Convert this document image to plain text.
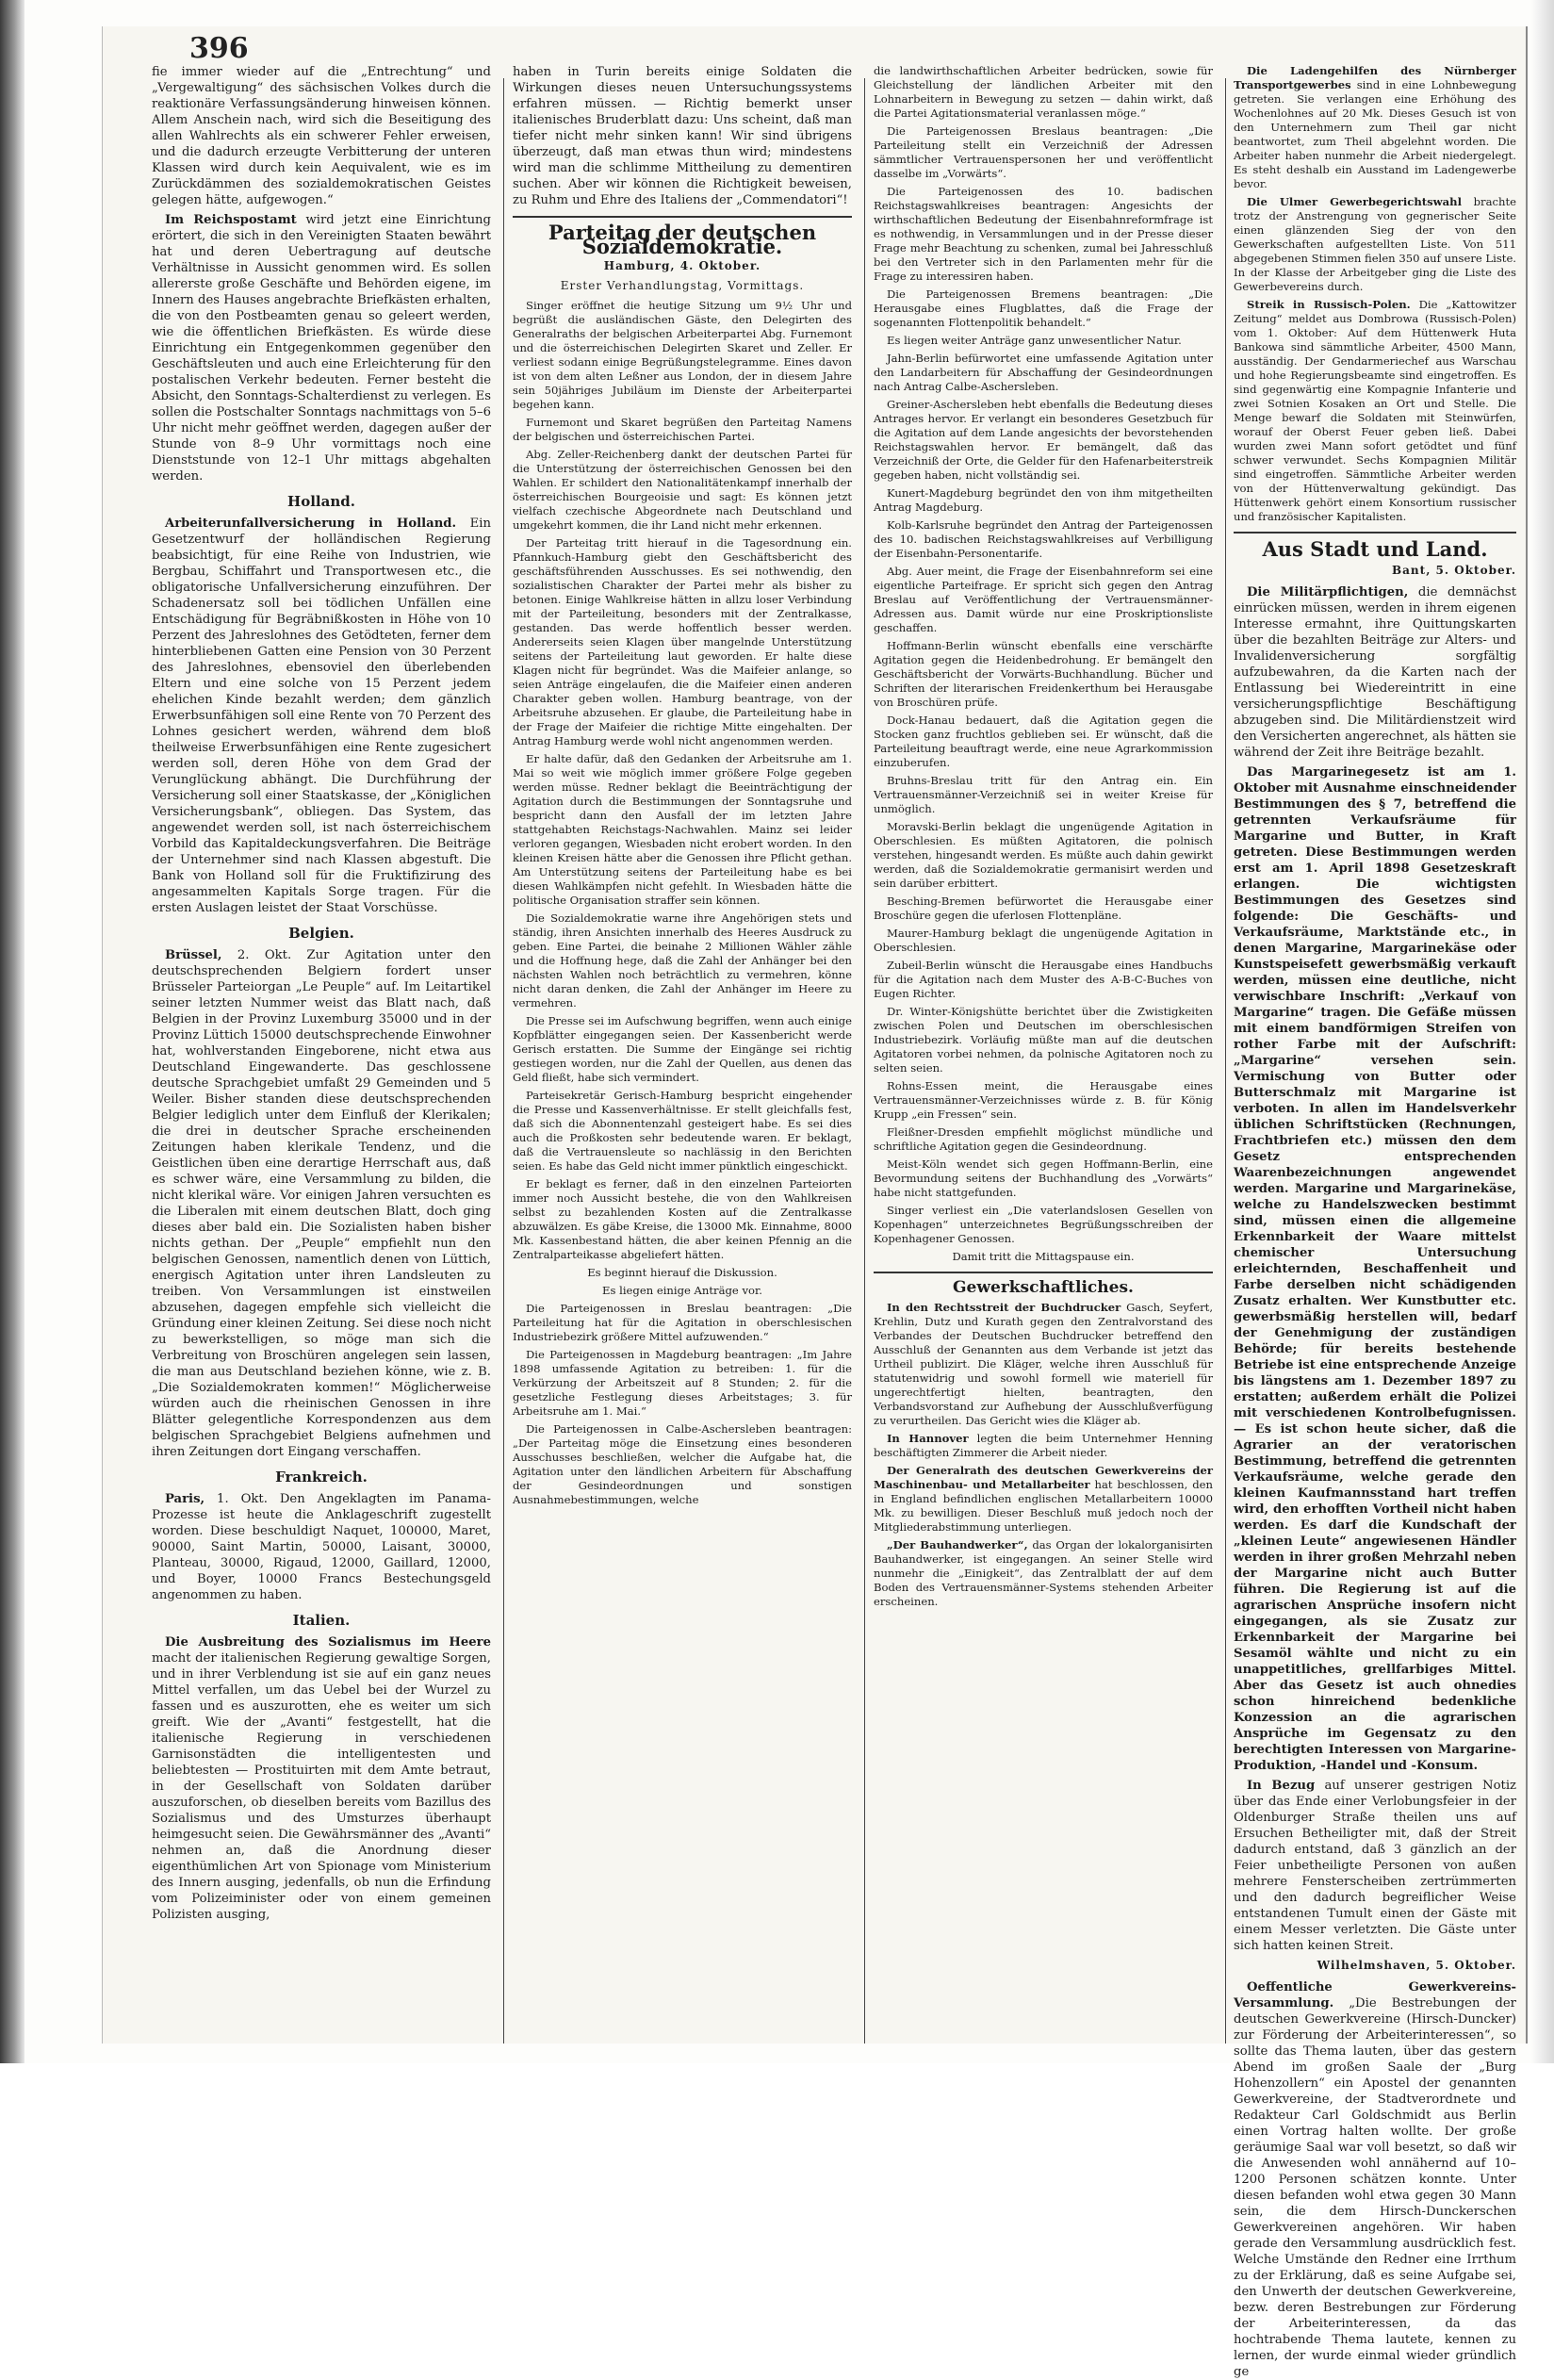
396

fie immer wieder auf die „Entrechtung“ und „Vergewaltigung“ des sächsischen Volkes durch die reaktionäre Verfassungsänderung hinweisen können. Allem Anschein nach, wird sich die Beseitigung des allen Wahlrechts als ein schwerer Fehler erweisen, und die dadurch erzeugte Verbitterung der unteren Klassen wird durch kein Aequivalent, wie es im Zurückdämmen des sozialdemokratischen Geistes gelegen hätte, aufgewogen.“

Im Reichspostamt wird jetzt eine Einrichtung erörtert, die sich in den Vereinigten Staaten bewährt hat und deren Uebertragung auf deutsche Verhältnisse in Aussicht genommen wird. Es sollen allererste große Geschäfte und Behörden eigene, im Innern des Hauses angebrachte Briefkästen erhalten, die von den Postbeamten genau so geleert werden, wie die öffentlichen Briefkästen. Es würde diese Einrichtung ein Entgegenkommen gegenüber den Geschäftsleuten und auch eine Erleichterung für den postalischen Verkehr bedeuten. Ferner besteht die Absicht, den Sonntags-Schalterdienst zu verlegen. Es sollen die Postschalter Sonntags nachmittags von 5–6 Uhr nicht mehr geöffnet werden, dagegen außer der Stunde von 8–9 Uhr vormittags noch eine Dienststunde von 12–1 Uhr mittags abgehalten werden.

Holland.

Arbeiterunfallversicherung in Holland. Ein Gesetzentwurf der holländischen Regierung beabsichtigt, für eine Reihe von Industrien, wie Bergbau, Schiffahrt und Transportwesen etc., die obligatorische Unfallversicherung einzuführen. Der Schadenersatz soll bei tödlichen Unfällen eine Entschädigung für Begräbnißkosten in Höhe von 10 Perzent des Jahreslohnes des Getödteten, ferner dem hinterbliebenen Gatten eine Pension von 30 Perzent des Jahreslohnes, ebensoviel den überlebenden Eltern und eine solche von 15 Perzent jedem ehelichen Kinde bezahlt werden; dem gänzlich Erwerbsunfähigen soll eine Rente von 70 Perzent des Lohnes gesichert werden, während dem bloß theilweise Erwerbsunfähigen eine Rente zugesichert werden soll, deren Höhe von dem Grad der Verunglückung abhängt. Die Durchführung der Versicherung soll einer Staatskasse, der „Königlichen Versicherungsbank“, obliegen. Das System, das angewendet werden soll, ist nach österreichischem Vorbild das Kapitaldeckungsverfahren. Die Beiträge der Unternehmer sind nach Klassen abgestuft. Die Bank von Holland soll für die Fruktifizirung des angesammelten Kapitals Sorge tragen. Für die ersten Auslagen leistet der Staat Vorschüsse.

Belgien.

Brüssel, 2. Okt. Zur Agitation unter den deutschsprechenden Belgiern fordert unser Brüsseler Parteiorgan „Le Peuple“ auf. Im Leitartikel seiner letzten Nummer weist das Blatt nach, daß Belgien in der Provinz Luxemburg 35000 und in der Provinz Lüttich 15000 deutschsprechende Einwohner hat, wohlverstanden Eingeborene, nicht etwa aus Deutschland Eingewanderte. Das geschlossene deutsche Sprachgebiet umfaßt 29 Gemeinden und 5 Weiler. Bisher standen diese deutschsprechenden Belgier lediglich unter dem Einfluß der Klerikalen; die drei in deutscher Sprache erscheinenden Zeitungen haben klerikale Tendenz, und die Geistlichen üben eine derartige Herrschaft aus, daß es schwer wäre, eine Versammlung zu bilden, die nicht klerikal wäre. Vor einigen Jahren versuchten es die Liberalen mit einem deutschen Blatt, doch ging dieses aber bald ein. Die Sozialisten haben bisher nichts gethan. Der „Peuple“ empfiehlt nun den belgischen Genossen, namentlich denen von Lüttich, energisch Agitation unter ihren Landsleuten zu treiben. Von Versammlungen ist einstweilen abzusehen, dagegen empfehle sich vielleicht die Gründung einer kleinen Zeitung. Sei diese noch nicht zu bewerkstelligen, so möge man sich die Verbreitung von Broschüren angelegen sein lassen, die man aus Deutschland beziehen könne, wie z. B. „Die Sozialdemokraten kommen!“ Möglicherweise würden auch die rheinischen Genossen in ihre Blätter gelegentliche Korrespondenzen aus dem belgischen Sprachgebiet Belgiens aufnehmen und ihren Zeitungen dort Eingang verschaffen.

Frankreich.

Paris, 1. Okt. Den Angeklagten im Panama-Prozesse ist heute die Anklageschrift zugestellt worden. Diese beschuldigt Naquet, 100000, Maret, 90000, Saint Martin, 50000, Laisant, 30000, Planteau, 30000, Rigaud, 12000, Gaillard, 12000, und Boyer, 10000 Francs Bestechungsgeld angenommen zu haben.

Italien.

Die Ausbreitung des Sozialismus im Heere macht der italienischen Regierung gewaltige Sorgen, und in ihrer Verblendung ist sie auf ein ganz neues Mittel verfallen, um das Uebel bei der Wurzel zu fassen und es auszurotten, ehe es weiter um sich greift. Wie der „Avanti“ festgestellt, hat die italienische Regierung in verschiedenen Garnisonstädten die intelligentesten und beliebtesten — Prostituirten mit dem Amte betraut, in der Gesellschaft von Soldaten darüber auszuforschen, ob dieselben bereits vom Bazillus des Sozialismus und des Umsturzes überhaupt heimgesucht seien. Die Gewährsmänner des „Avanti“ nehmen an, daß die Anordnung dieser eigenthümlichen Art von Spionage vom Ministerium des Innern ausging, jedenfalls, ob nun die Erfindung vom Polizeiminister oder von einem gemeinen Polizisten ausging,

haben in Turin bereits einige Soldaten die Wirkungen dieses neuen Untersuchungssystems erfahren müssen. — Richtig bemerkt unser italienisches Bruderblatt dazu: Uns scheint, daß man tiefer nicht mehr sinken kann! Wir sind übrigens überzeugt, daß man etwas thun wird; mindestens wird man die schlimme Mittheilung zu dementiren suchen. Aber wir können die Richtigkeit beweisen, zu Ruhm und Ehre des Italiens der „Commendatori“!

Parteitag der deutschen Sozialdemokratie.
Hamburg, 4. Oktober.
Erster Verhandlungstag, Vormittags.

Singer eröffnet die heutige Sitzung um 9½ Uhr und begrüßt die ausländischen Gäste, den Delegirten des Generalraths der belgischen Arbeiterpartei Abg. Furnemont und die österreichischen Delegirten Skaret und Zeller. Er verliest sodann einige Begrüßungstelegramme. Eines davon ist von dem alten Leßner aus London, der in diesem Jahre sein 50jähriges Jubiläum im Dienste der Arbeiterpartei begehen kann.

Furnemont und Skaret begrüßen den Parteitag Namens der belgischen und österreichischen Partei.

Abg. Zeller-Reichenberg dankt der deutschen Partei für die Unterstützung der österreichischen Genossen bei den Wahlen. Er schildert den Nationalitätenkampf innerhalb der österreichischen Bourgeoisie und sagt: Es können jetzt vielfach czechische Abgeordnete nach Deutschland und umgekehrt kommen, die ihr Land nicht mehr erkennen.

Der Parteitag tritt hierauf in die Tagesordnung ein. Pfannkuch-Hamburg giebt den Geschäftsbericht des geschäftsführenden Ausschusses. Es sei nothwendig, den sozialistischen Charakter der Partei mehr als bisher zu betonen. Einige Wahlkreise hätten in allzu loser Verbindung mit der Parteileitung, besonders mit der Zentralkasse, gestanden. Das werde hoffentlich besser werden. Andererseits seien Klagen über mangelnde Unterstützung seitens der Parteileitung laut geworden. Er halte diese Klagen nicht für begründet. Was die Maifeier anlange, so seien Anträge eingelaufen, die die Maifeier einen anderen Charakter geben wollen. Hamburg beantrage, von der Arbeitsruhe abzusehen. Er glaube, die Parteileitung habe in der Frage der Maifeier die richtige Mitte eingehalten. Der Antrag Hamburg werde wohl nicht angenommen werden.

Er halte dafür, daß den Gedanken der Arbeitsruhe am 1. Mai so weit wie möglich immer größere Folge gegeben werden müsse. Redner beklagt die Beeinträchtigung der Agitation durch die Bestimmungen der Sonntagsruhe und bespricht dann den Ausfall der im letzten Jahre stattgehabten Reichstags-Nachwahlen. Mainz sei leider verloren gegangen, Wiesbaden nicht erobert worden. In den kleinen Kreisen hätte aber die Genossen ihre Pflicht gethan. Am Unterstützung seitens der Parteileitung habe es bei diesen Wahlkämpfen nicht gefehlt. In Wiesbaden hätte die politische Organisation straffer sein können.

Die Sozialdemokratie warne ihre Angehörigen stets und ständig, ihren Ansichten innerhalb des Heeres Ausdruck zu geben. Eine Partei, die beinahe 2 Millionen Wähler zähle und die Hoffnung hege, daß die Zahl der Anhänger bei den nächsten Wahlen noch beträchtlich zu vermehren, könne nicht daran denken, die Zahl der Anhänger im Heere zu vermehren.

Die Presse sei im Aufschwung begriffen, wenn auch einige Kopfblätter eingegangen seien. Der Kassenbericht werde Gerisch erstatten. Die Summe der Eingänge sei richtig gestiegen worden, nur die Zahl der Quellen, aus denen das Geld fließt, habe sich vermindert.

Parteisekretär Gerisch-Hamburg bespricht eingehender die Presse und Kassenverhältnisse. Er stellt gleichfalls fest, daß sich die Abonnentenzahl gesteigert habe. Es sei dies auch die Proßkosten sehr bedeutende waren. Er beklagt, daß die Vertrauensleute so nachlässig in den Berichten seien. Es habe das Geld nicht immer pünktlich eingeschickt.

Er beklagt es ferner, daß in den einzelnen Parteiorten immer noch Aussicht bestehe, die von den Wahlkreisen selbst zu bezahlenden Kosten auf die Zentralkasse abzuwälzen. Es gäbe Kreise, die 13000 Mk. Einnahme, 8000 Mk. Kassenbestand hätten, die aber keinen Pfennig an die Zentralparteikasse abgeliefert hätten.

Es beginnt hierauf die Diskussion.

Es liegen einige Anträge vor.

Die Parteigenossen in Breslau beantragen: „Die Parteileitung hat für die Agitation in oberschlesischen Industriebezirk größere Mittel aufzuwenden.“

Die Parteigenossen in Magdeburg beantragen: „Im Jahre 1898 umfassende Agitation zu betreiben: 1. für die Verkürzung der Arbeitszeit auf 8 Stunden; 2. für die gesetzliche Festlegung dieses Arbeitstages; 3. für Arbeitsruhe am 1. Mai.“

Die Parteigenossen in Calbe-Aschersleben beantragen: „Der Parteitag möge die Einsetzung eines besonderen Ausschusses beschließen, welcher die Aufgabe hat, die Agitation unter den ländlichen Arbeitern für Abschaffung der Gesindeordnungen und sonstigen Ausnahmebestimmungen, welche

die landwirthschaftlichen Arbeiter bedrücken, sowie für Gleichstellung der ländlichen Arbeiter mit den Lohnarbeitern in Bewegung zu setzen — dahin wirkt, daß die Partei Agitationsmaterial veranlassen möge.“

Die Parteigenossen Breslaus beantragen: „Die Parteileitung stellt ein Verzeichniß der Adressen sämmtlicher Vertrauenspersonen her und veröffentlicht dasselbe im „Vorwärts“.

Die Parteigenossen des 10. badischen Reichstagswahlkreises beantragen: Angesichts der wirthschaftlichen Bedeutung der Eisenbahnreformfrage ist es nothwendig, in Versammlungen und in der Presse dieser Frage mehr Beachtung zu schenken, zumal bei Jahresschluß bei den Vertreter sich in den Parlamenten mehr für die Frage zu interessiren haben.

Die Parteigenossen Bremens beantragen: „Die Herausgabe eines Flugblattes, daß die Frage der sogenannten Flottenpolitik behandelt.“

Es liegen weiter Anträge ganz unwesentlicher Natur.

Jahn-Berlin befürwortet eine umfassende Agitation unter den Landarbeitern für Abschaffung der Gesindeordnungen nach Antrag Calbe-Aschersleben.

Greiner-Aschersleben hebt ebenfalls die Bedeutung dieses Antrages hervor. Er verlangt ein besonderes Gesetzbuch für die Agitation auf dem Lande angesichts der bevorstehenden Reichstagswahlen hervor. Er bemängelt, daß das Verzeichniß der Orte, die Gelder für den Hafenarbeiterstreik gegeben haben, nicht vollständig sei.

Kunert-Magdeburg begründet den von ihm mitgetheilten Antrag Magdeburg.

Kolb-Karlsruhe begründet den Antrag der Parteigenossen des 10. badischen Reichstagswahlkreises auf Verbilligung der Eisenbahn-Personentarife.

Abg. Auer meint, die Frage der Eisenbahnreform sei eine eigentliche Parteifrage. Er spricht sich gegen den Antrag Breslau auf Veröffentlichung der Vertrauensmänner-Adressen aus. Damit würde nur eine Proskriptionsliste geschaffen.

Hoffmann-Berlin wünscht ebenfalls eine verschärfte Agitation gegen die Heidenbedrohung. Er bemängelt den Geschäftsbericht der Vorwärts-Buchhandlung. Bücher und Schriften der literarischen Freidenkerthum bei Herausgabe von Broschüren prüfe.

Dock-Hanau bedauert, daß die Agitation gegen die Stocken ganz fruchtlos geblieben sei. Er wünscht, daß die Parteileitung beauftragt werde, eine neue Agrarkommission einzuberufen.

Bruhns-Breslau tritt für den Antrag ein. Ein Vertrauensmänner-Verzeichniß sei in weiter Kreise für unmöglich.

Moravski-Berlin beklagt die ungenügende Agitation in Oberschlesien. Es müßten Agitatoren, die polnisch verstehen, hingesandt werden. Es müßte auch dahin gewirkt werden, daß die Sozialdemokratie germanisirt werden und sein darüber erbittert.

Besching-Bremen befürwortet die Herausgabe einer Broschüre gegen die uferlosen Flottenpläne.

Maurer-Hamburg beklagt die ungenügende Agitation in Oberschlesien.

Zubeil-Berlin wünscht die Herausgabe eines Handbuchs für die Agitation nach dem Muster des A-B-C-Buches von Eugen Richter.

Dr. Winter-Königshütte berichtet über die Zwistigkeiten zwischen Polen und Deutschen im oberschlesischen Industriebezirk. Vorläufig müßte man auf die deutschen Agitatoren vorbei nehmen, da polnische Agitatoren noch zu selten seien.

Rohns-Essen meint, die Herausgabe eines Vertrauensmänner-Verzeichnisses würde z. B. für König Krupp „ein Fressen“ sein.

Fleißner-Dresden empfiehlt möglichst mündliche und schriftliche Agitation gegen die Gesindeordnung.

Meist-Köln wendet sich gegen Hoffmann-Berlin, eine Bevormundung seitens der Buchhandlung des „Vorwärts“ habe nicht stattgefunden.

Singer verliest ein „Die vaterlandslosen Gesellen von Kopenhagen“ unterzeichnetes Begrüßungsschreiben der Kopenhagener Genossen.

Damit tritt die Mittagspause ein.

Gewerkschaftliches.

In den Rechtsstreit der Buchdrucker Gasch, Seyfert, Krehlin, Dutz und Kurath gegen den Zentralvorstand des Verbandes der Deutschen Buchdrucker betreffend den Ausschluß der Genannten aus dem Verbande ist jetzt das Urtheil publizirt. Die Kläger, welche ihren Ausschluß für statutenwidrig und sowohl formell wie materiell für ungerechtfertigt hielten, beantragten, den Verbandsvorstand zur Aufhebung der Ausschlußverfügung zu verurtheilen. Das Gericht wies die Kläger ab.

In Hannover legten die beim Unternehmer Henning beschäftigten Zimmerer die Arbeit nieder.

Der Generalrath des deutschen Gewerkvereins der Maschinenbau- und Metallarbeiter hat beschlossen, den in England befindlichen englischen Metallarbeitern 10000 Mk. zu bewilligen. Dieser Beschluß muß jedoch noch der Mitgliederabstimmung unterliegen.

„Der Bauhandwerker“, das Organ der lokalorganisirten Bauhandwerker, ist eingegangen. An seiner Stelle wird nunmehr die „Einigkeit“, das Zentralblatt der auf dem Boden des Vertrauensmänner-Systems stehenden Arbeiter erscheinen.

Die Ladengehilfen des Nürnberger Transportgewerbes sind in eine Lohnbewegung getreten. Sie verlangen eine Erhöhung des Wochenlohnes auf 20 Mk. Dieses Gesuch ist von den Unternehmern zum Theil gar nicht beantwortet, zum Theil abgelehnt worden. Die Arbeiter haben nunmehr die Arbeit niedergelegt. Es steht deshalb ein Ausstand im Ladengewerbe bevor.

Die Ulmer Gewerbegerichtswahl brachte trotz der Anstrengung von gegnerischer Seite einen glänzenden Sieg der von den Gewerkschaften aufgestellten Liste. Von 511 abgegebenen Stimmen fielen 350 auf unsere Liste. In der Klasse der Arbeitgeber ging die Liste des Gewerbevereins durch.

Streik in Russisch-Polen. Die „Kattowitzer Zeitung“ meldet aus Dombrowa (Russisch-Polen) vom 1. Oktober: Auf dem Hüttenwerk Huta Bankowa sind sämmtliche Arbeiter, 4500 Mann, ausständig. Der Gendarmeriechef aus Warschau und hohe Regierungsbeamte sind eingetroffen. Es sind gegenwärtig eine Kompagnie Infanterie und zwei Sotnien Kosaken an Ort und Stelle. Die Menge bewarf die Soldaten mit Steinwürfen, worauf der Oberst Feuer geben ließ. Dabei wurden zwei Mann sofort getödtet und fünf schwer verwundet. Sechs Kompagnien Militär sind eingetroffen. Sämmtliche Arbeiter werden von der Hüttenverwaltung gekündigt. Das Hüttenwerk gehört einem Konsortium russischer und französischer Kapitalisten.

Aus Stadt und Land.
Bant, 5. Oktober.

Die Militärpflichtigen, die demnächst einrücken müssen, werden in ihrem eigenen Interesse ermahnt, ihre Quittungskarten über die bezahlten Beiträge zur Alters- und Invalidenversicherung sorgfältig aufzubewahren, da die Karten nach der Entlassung bei Wiedereintritt in eine versicherungspflichtige Beschäftigung abzugeben sind. Die Militärdienstzeit wird den Versicherten angerechnet, als hätten sie während der Zeit ihre Beiträge bezahlt.

Das Margarinegesetz ist am 1. Oktober mit Ausnahme einschneidender Bestimmungen des § 7, betreffend die getrennten Verkaufsräume für Margarine und Butter, in Kraft getreten. Diese Bestimmungen werden erst am 1. April 1898 Gesetzeskraft erlangen. Die wichtigsten Bestimmungen des Gesetzes sind folgende: Die Geschäfts- und Verkaufsräume, Marktstände etc., in denen Margarine, Margarinekäse oder Kunstspeisefett gewerbsmäßig verkauft werden, müssen eine deutliche, nicht verwischbare Inschrift: „Verkauf von Margarine“ tragen. Die Gefäße müssen mit einem bandförmigen Streifen von rother Farbe mit der Aufschrift: „Margarine“ versehen sein. Vermischung von Butter oder Butterschmalz mit Margarine ist verboten. In allen im Handelsverkehr üblichen Schriftstücken (Rechnungen, Frachtbriefen etc.) müssen den dem Gesetz entsprechenden Waarenbezeichnungen angewendet werden. Margarine und Margarinekäse, welche zu Handelszwecken bestimmt sind, müssen einen die allgemeine Erkennbarkeit der Waare mittelst chemischer Untersuchung erleichternden, Beschaffenheit und Farbe derselben nicht schädigenden Zusatz erhalten. Wer Kunstbutter etc. gewerbsmäßig herstellen will, bedarf der Genehmigung der zuständigen Behörde; für bereits bestehende Betriebe ist eine entsprechende Anzeige bis längstens am 1. Dezember 1897 zu erstatten; außerdem erhält die Polizei mit verschiedenen Kontrolbefugnissen. — Es ist schon heute sicher, daß die Agrarier an der veratorischen Bestimmung, betreffend die getrennten Verkaufsräume, welche gerade den kleinen Kaufmannsstand hart treffen wird, den erhofften Vortheil nicht haben werden. Es darf die Kundschaft der „kleinen Leute“ angewiesenen Händler werden in ihrer großen Mehrzahl neben der Margarine nicht auch Butter führen. Die Regierung ist auf die agrarischen Ansprüche insofern nicht eingegangen, als sie Zusatz zur Erkennbarkeit der Margarine bei Sesamöl wählte und nicht zu ein unappetitliches, grellfarbiges Mittel. Aber das Gesetz ist auch ohnedies schon hinreichend bedenkliche Konzession an die agrarischen Ansprüche im Gegensatz zu den berechtigten Interessen von Margarine-Produktion, -Handel und -Konsum.

In Bezug auf unserer gestrigen Notiz über das Ende einer Verlobungsfeier in der Oldenburger Straße theilen uns auf Ersuchen Betheiligter mit, daß der Streit dadurch entstand, daß 3 gänzlich an der Feier unbetheiligte Personen von außen mehrere Fensterscheiben zertrümmerten und den dadurch begreiflicher Weise entstandenen Tumult einen der Gäste mit einem Messer verletzten. Die Gäste unter sich hatten keinen Streit.

Wilhelmshaven, 5. Oktober.

Oeffentliche Gewerkvereins-Versammlung. „Die Bestrebungen der deutschen Gewerkvereine (Hirsch-Duncker) zur Förderung der Arbeiterinteressen“, so sollte das Thema lauten, über das gestern Abend im großen Saale der „Burg Hohenzollern“ ein Apostel der genannten Gewerkvereine, der Stadtverordnete und Redakteur Carl Goldschmidt aus Berlin einen Vortrag halten wollte. Der große geräumige Saal war voll besetzt, so daß wir die Anwesenden wohl annähernd auf 10–1200 Personen schätzen konnte. Unter diesen befanden wohl etwa gegen 30 Mann sein, die dem Hirsch-Dunckerschen Gewerkvereinen angehören. Wir haben gerade den Versammlung ausdrücklich fest. Welche Umstände den Redner eine Irrthum zu der Erklärung, daß es seine Aufgabe sei, den Unwerth der deutschen Gewerkvereine, bezw. deren Bestrebungen zur Förderung der Arbeiterinteressen, da das hochtrabende Thema lautete, kennen zu lernen, der wurde einmal wieder gründlich ge
